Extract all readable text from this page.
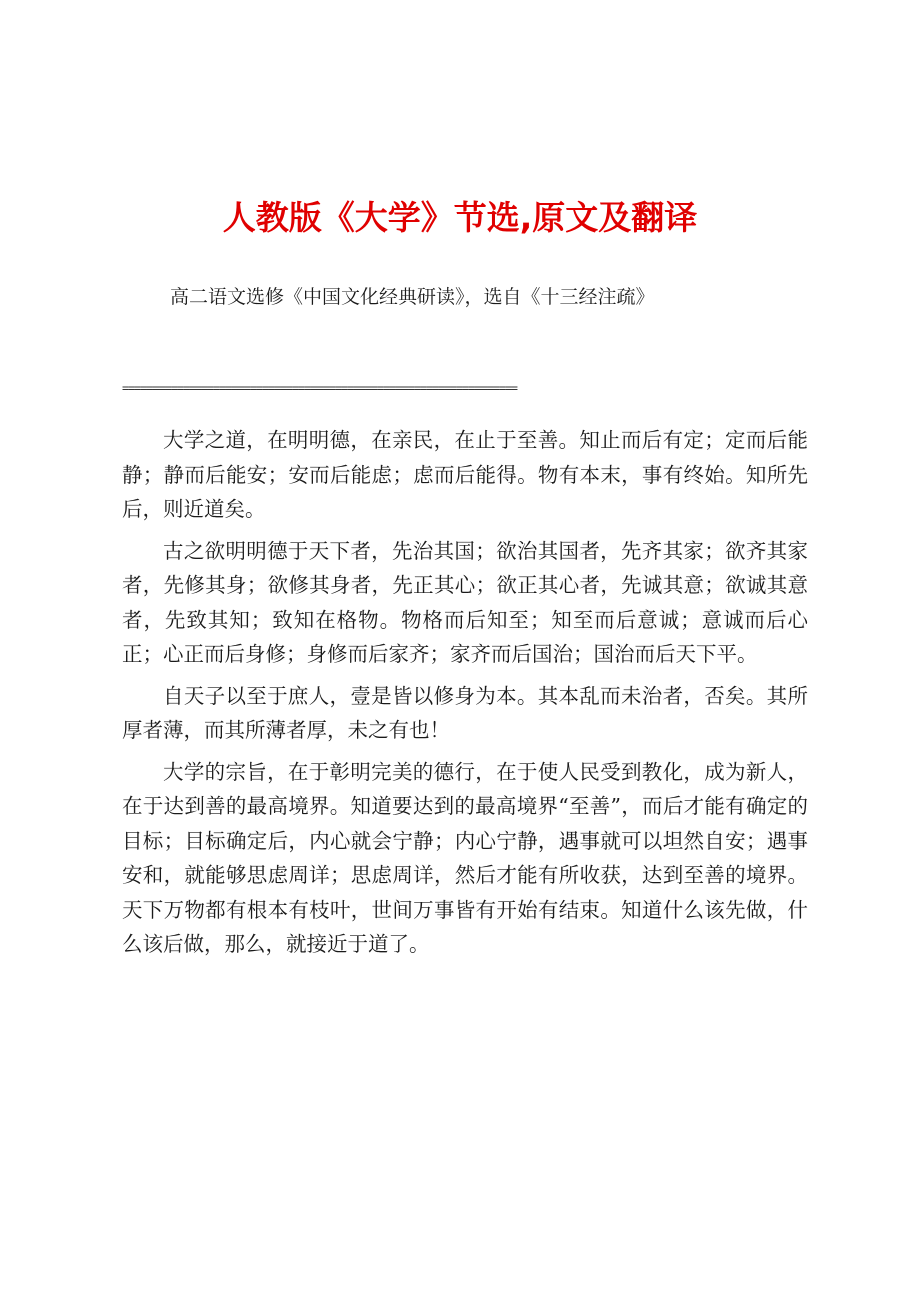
人教版《大学》节选,原文及翻译

高二语文选修《中国文化经典研读》，选自《十三经注疏》

=================================================================

大学之道，在明明德，在亲民，在止于至善。知止而后有定；定而后能静；静而后能安；安而后能虑；虑而后能得。物有本末，事有终始。知所先后，则近道矣。

古之欲明明德于天下者，先治其国；欲治其国者，先齐其家；欲齐其家者，先修其身；欲修其身者，先正其心；欲正其心者，先诚其意；欲诚其意者，先致其知；致知在格物。物格而后知至；知至而后意诚；意诚而后心正；心正而后身修；身修而后家齐；家齐而后国治；国治而后天下平。

自天子以至于庶人，壹是皆以修身为本。其本乱而未治者，否矣。其所厚者薄，而其所薄者厚，未之有也！

大学的宗旨，在于彰明完美的德行，在于使人民受到教化，成为新人，在于达到善的最高境界。知道要达到的最高境界“至善”，而后才能有确定的目标；目标确定后，内心就会宁静；内心宁静，遇事就可以坦然自安；遇事安和，就能够思虑周详；思虑周详，然后才能有所收获，达到至善的境界。天下万物都有根本有枝叶，世间万事皆有开始有结束。知道什么该先做，什么该后做，那么，就接近于道了。
